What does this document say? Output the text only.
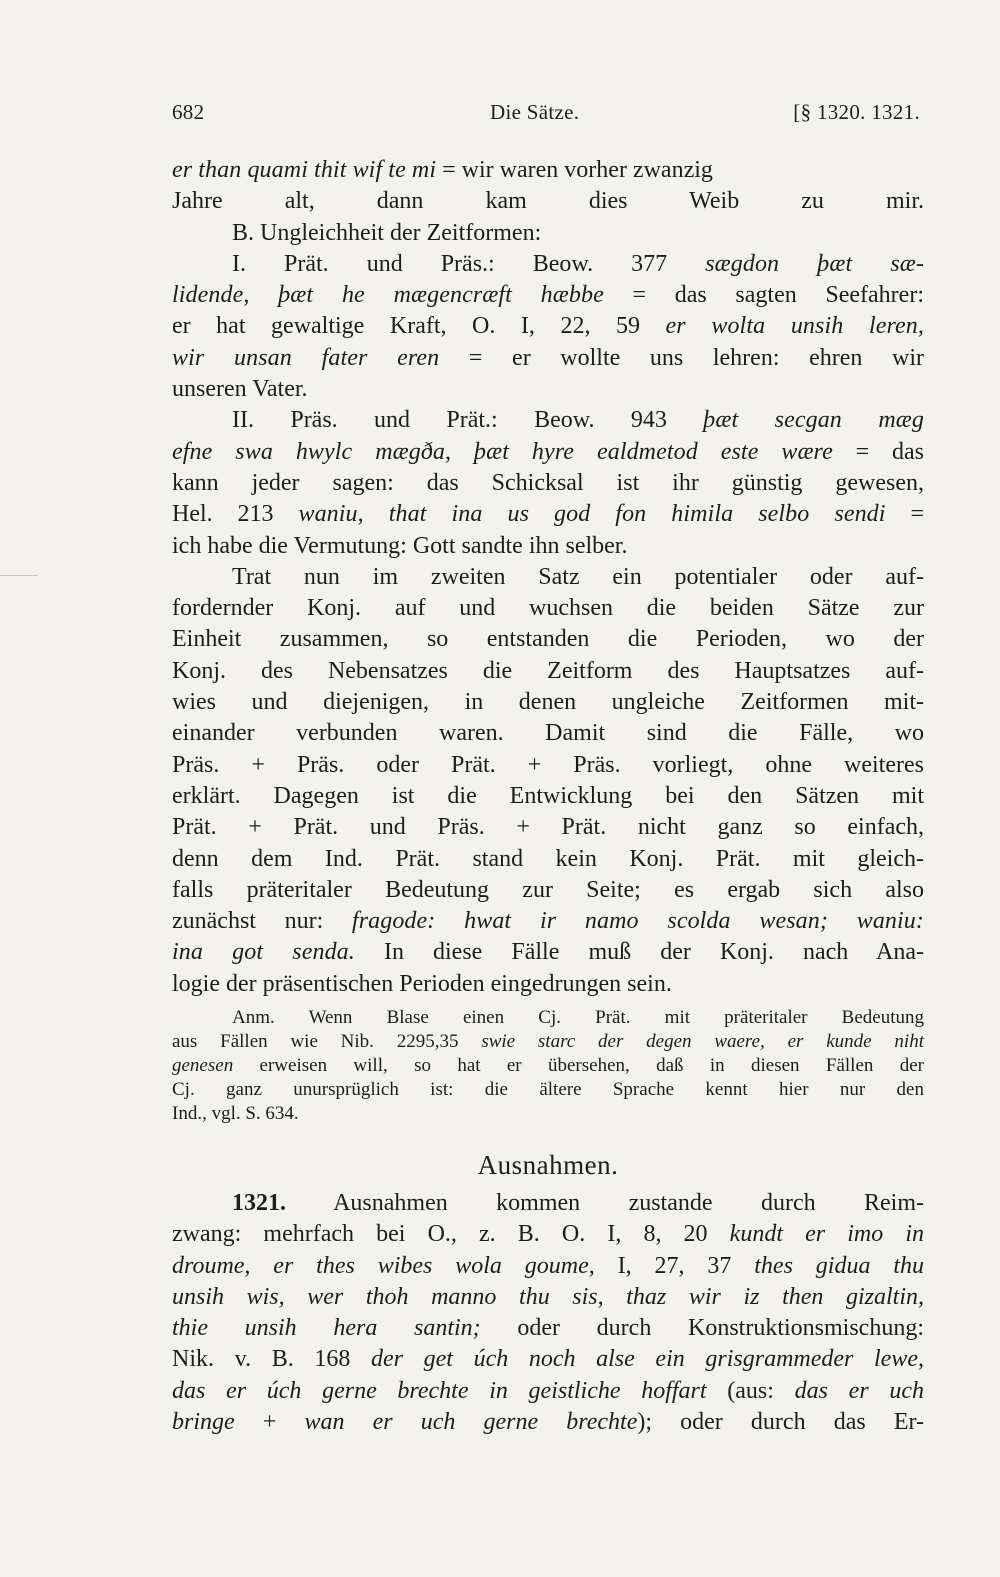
682	Die Sätze.	[§ 1320. 1321.
er than quami thit wif te mi = wir waren vorher zwanzig
Jahre alt, dann kam dies Weib zu mir.
B. Ungleichheit der Zeitformen:
I. Prät. und Präs.: Beow. 377 sægdon þæt sæ-
lidende, þæt he mægencræft hæbbe = das sagten Seefahrer:
er hat gewaltige Kraft, O. I, 22, 59 er wolta unsih leren,
wir unsan fater eren = er wollte uns lehren: ehren wir
unseren Vater.
II. Präs. und Prät.: Beow. 943 þæt secgan mæg
efne swa hwylc mægða, þæt hyre ealdmetod este wære = das
kann jeder sagen: das Schicksal ist ihr günstig gewesen,
Hel. 213 waniu, that ina us god fon himila selbo sendi =
ich habe die Vermutung: Gott sandte ihn selber.
Trat nun im zweiten Satz ein potentialer oder auf-
fordernder Konj. auf und wuchsen die beiden Sätze zur
Einheit zusammen, so entstanden die Perioden, wo der
Konj. des Nebensatzes die Zeitform des Hauptsatzes auf-
wies und diejenigen, in denen ungleiche Zeitformen mit-
einander verbunden waren. Damit sind die Fälle, wo
Präs. + Präs. oder Prät. + Präs. vorliegt, ohne weiteres
erklärt. Dagegen ist die Entwicklung bei den Sätzen mit
Prät. + Prät. und Präs. + Prät. nicht ganz so einfach,
denn dem Ind. Prät. stand kein Konj. Prät. mit gleich-
falls präteritaler Bedeutung zur Seite; es ergab sich also
zunächst nur: fragode: hwat ir namo scolda wesan; waniu:
ina got senda. In diese Fälle muß der Konj. nach Ana-
logie der präsentischen Perioden eingedrungen sein.
Anm. Wenn Blase einen Cj. Prät. mit präteritaler Bedeutung
aus Fällen wie Nib. 2295,35 swie starc der degen waere, er kunde niht
genesen erweisen will, so hat er übersehen, daß in diesen Fällen der
Cj. ganz unursprüglich ist: die ältere Sprache kennt hier nur den
Ind., vgl. S. 634.
Ausnahmen.
1321. Ausnahmen kommen zustande durch Reim-
zwang: mehrfach bei O., z. B. O. I, 8, 20 kundt er imo in
droume, er thes wibes wola goume, I, 27, 37 thes gidua thu
unsih wis, wer thoh manno thu sis, thaz wir iz then gizaltin,
thie unsih hera santin; oder durch Konstruktionsmischung:
Nik. v. B. 168 der get úch noch alse ein grisgrammeder lewe,
das er úch gerne brechte in geistliche hoffart (aus: das er uch
bringe + wan er uch gerne brechte); oder durch das Er-
